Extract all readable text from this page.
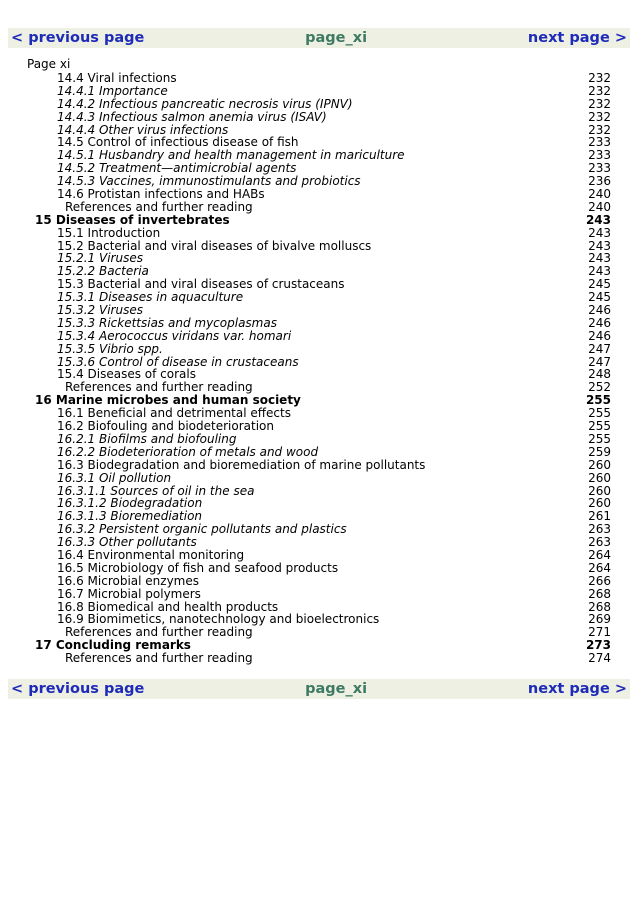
< previous page	page_xi	next page >
Page xi
14.4 Viral infections	232
14.4.1 Importance	232
14.4.2 Infectious pancreatic necrosis virus (IPNV)	232
14.4.3 Infectious salmon anemia virus (ISAV)	232
14.4.4 Other virus infections	232
14.5 Control of infectious disease of fish	233
14.5.1 Husbandry and health management in mariculture	233
14.5.2 Treatment—antimicrobial agents	233
14.5.3 Vaccines, immunostimulants and probiotics	236
14.6 Protistan infections and HABs	240
References and further reading	240
15 Diseases of invertebrates	243
15.1 Introduction	243
15.2 Bacterial and viral diseases of bivalve molluscs	243
15.2.1 Viruses	243
15.2.2 Bacteria	243
15.3 Bacterial and viral diseases of crustaceans	245
15.3.1 Diseases in aquaculture	245
15.3.2 Viruses	246
15.3.3 Rickettsias and mycoplasmas	246
15.3.4 Aerococcus viridans var. homari	246
15.3.5 Vibrio spp.	247
15.3.6 Control of disease in crustaceans	247
15.4 Diseases of corals	248
References and further reading	252
16 Marine microbes and human society	255
16.1 Beneficial and detrimental effects	255
16.2 Biofouling and biodeterioration	255
16.2.1 Biofilms and biofouling	255
16.2.2 Biodeterioration of metals and wood	259
16.3 Biodegradation and bioremediation of marine pollutants	260
16.3.1 Oil pollution	260
16.3.1.1 Sources of oil in the sea	260
16.3.1.2 Biodegradation	260
16.3.1.3 Bioremediation	261
16.3.2 Persistent organic pollutants and plastics	263
16.3.3 Other pollutants	263
16.4 Environmental monitoring	264
16.5 Microbiology of fish and seafood products	264
16.6 Microbial enzymes	266
16.7 Microbial polymers	268
16.8 Biomedical and health products	268
16.9 Biomimetics, nanotechnology and bioelectronics	269
References and further reading	271
17 Concluding remarks	273
References and further reading	274
< previous page	page_xi	next page >
